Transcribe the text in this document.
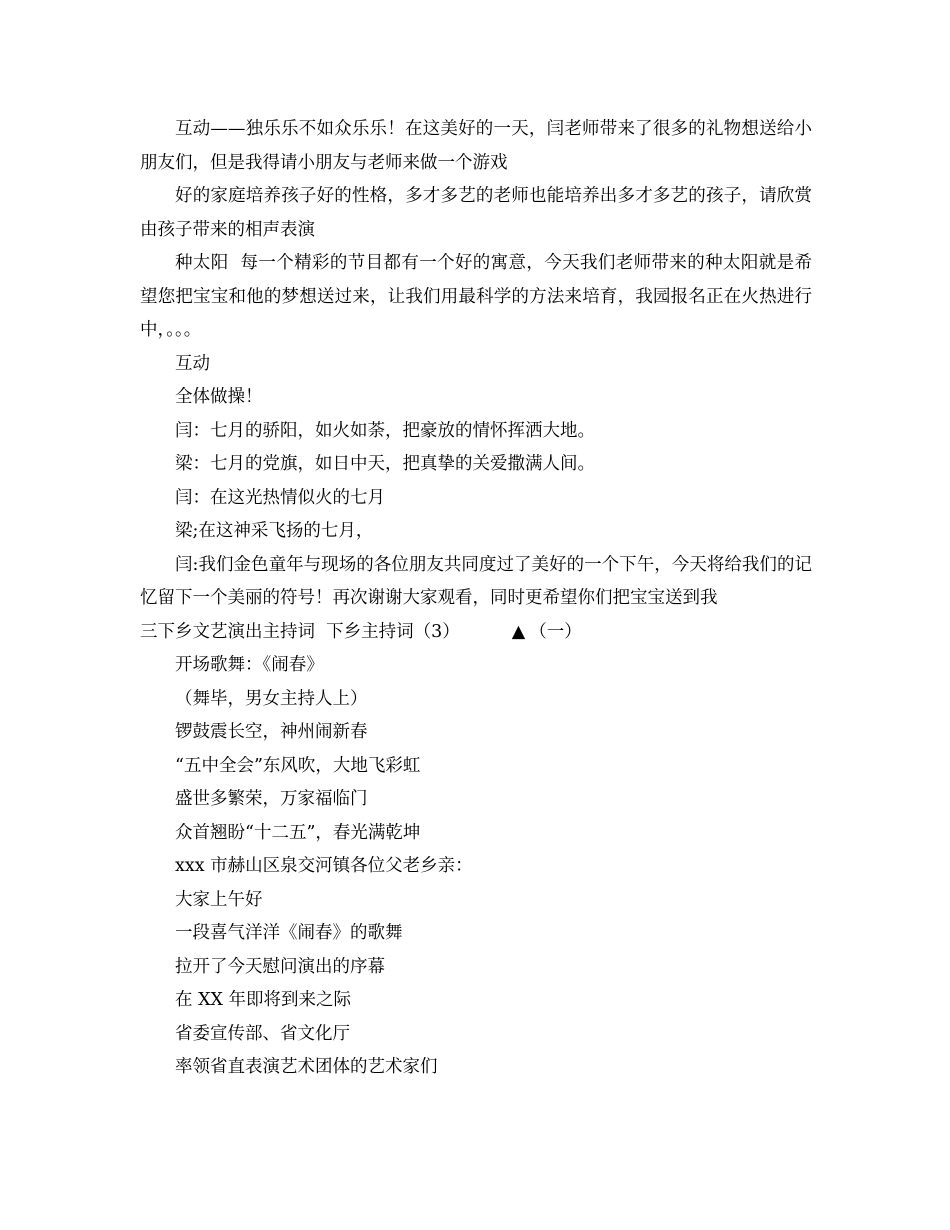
互动——独乐乐不如众乐乐！在这美好的一天，闫老师带来了很多的礼物想送给小朋友们，但是我得请小朋友与老师来做一个游戏

好的家庭培养孩子好的性格，多才多艺的老师也能培养出多才多艺的孩子，请欣赏由孩子带来的相声表演

种太阳  每一个精彩的节目都有一个好的寓意，今天我们老师带来的种太阳就是希望您把宝宝和他的梦想送过来，让我们用最科学的方法来培育，我园报名正在火热进行中，。。。

互动

全体做操！

闫：七月的骄阳，如火如荼，把豪放的情怀挥洒大地。

梁：七月的党旗，如日中天，把真挚的关爱撒满人间。

闫：在这光热情似火的七月

梁;在这神采飞扬的七月，

闫:我们金色童年与现场的各位朋友共同度过了美好的一个下午，今天将给我们的记忆留下一个美丽的符号！再次谢谢大家观看，同时更希望你们把宝宝送到我

三下乡文艺演出主持词  下乡主持词（3）	▲ （一）

开场歌舞：《闹春》

（舞毕，男女主持人上）

锣鼓震长空，神州闹新春

“五中全会”东风吹，大地飞彩虹

盛世多繁荣，万家福临门

众首翘盼“十二五”，春光满乾坤

xxx 市赫山区泉交河镇各位父老乡亲：

大家上午好

一段喜气洋洋《闹春》的歌舞

拉开了今天慰问演出的序幕

在 XX 年即将到来之际

省委宣传部、省文化厅

率领省直表演艺术团体的艺术家们
